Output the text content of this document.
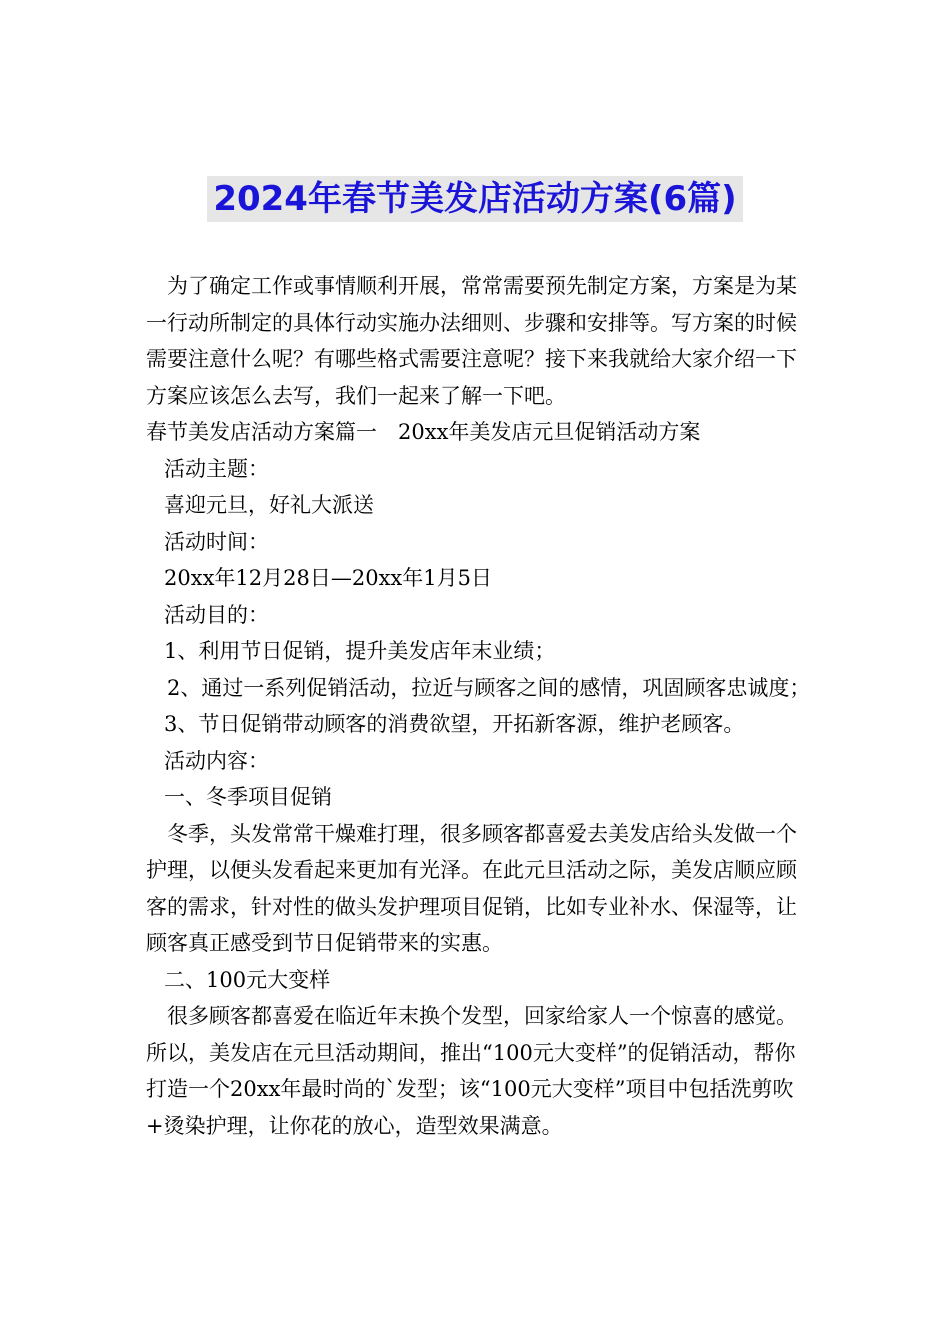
2024年春节美发店活动方案(6篇)

为了确定工作或事情顺利开展，常常需要预先制定方案，方案是为某一行动所制定的具体行动实施办法细则、步骤和安排等。写方案的时候需要注意什么呢？有哪些格式需要注意呢？接下来我就给大家介绍一下方案应该怎么去写，我们一起来了解一下吧。

春节美发店活动方案篇一　20xx年美发店元旦促销活动方案

活动主题：

喜迎元旦，好礼大派送

活动时间：

20xx年12月28日—20xx年1月5日

活动目的：

1、利用节日促销，提升美发店年末业绩；

2、通过一系列促销活动，拉近与顾客之间的感情，巩固顾客忠诚度；

3、节日促销带动顾客的消费欲望，开拓新客源，维护老顾客。

活动内容：

一、冬季项目促销

冬季，头发常常干燥难打理，很多顾客都喜爱去美发店给头发做一个护理，以便头发看起来更加有光泽。在此元旦活动之际，美发店顺应顾客的需求，针对性的做头发护理项目促销，比如专业补水、保湿等，让顾客真正感受到节日促销带来的实惠。

二、100元大变样

很多顾客都喜爱在临近年末换个发型，回家给家人一个惊喜的感觉。所以，美发店在元旦活动期间，推出“100元大变样”的促销活动，帮你打造一个20xx年最时尚的`发型；该“100元大变样”项目中包括洗剪吹+烫染护理，让你花的放心，造型效果满意。
